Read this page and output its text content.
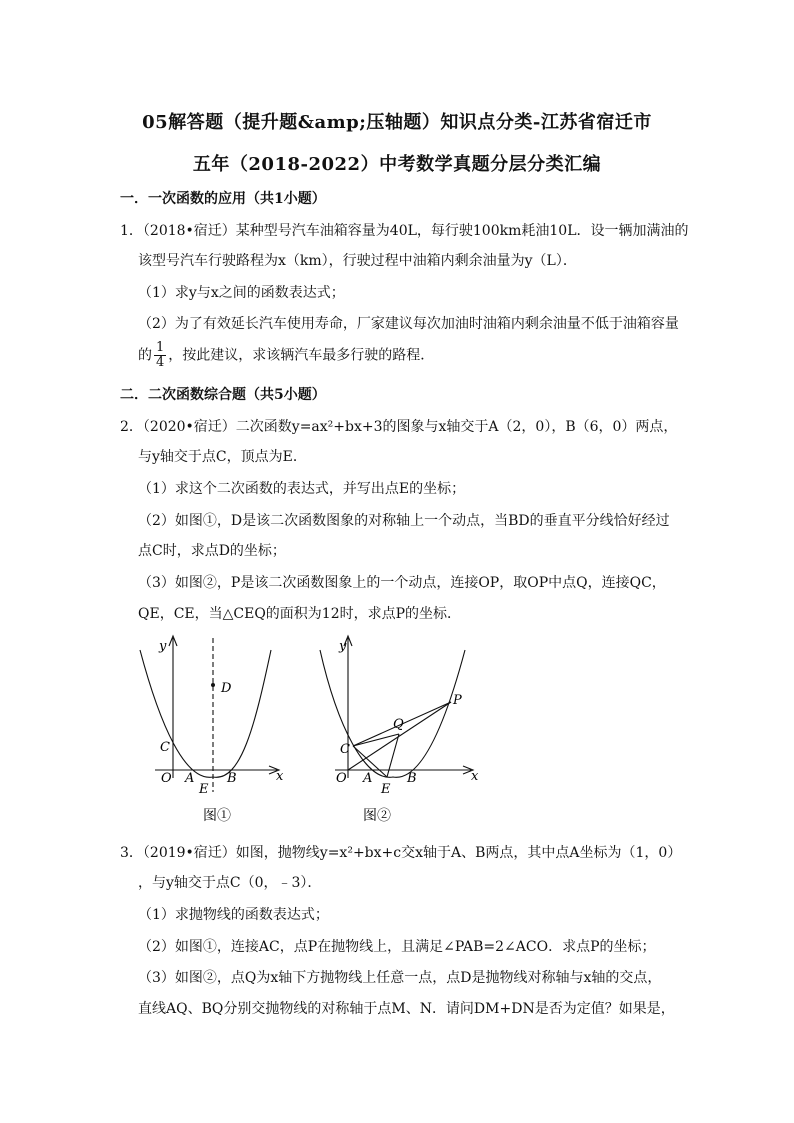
05解答题（提升题&amp;压轴题）知识点分类-江苏省宿迁市
五年（2018-2022）中考数学真题分层分类汇编
一．一次函数的应用（共1小题）
1．（2018•宿迁）某种型号汽车油箱容量为40L，每行驶100km耗油10L．设一辆加满油的
该型号汽车行驶路程为x（km），行驶过程中油箱内剩余油量为y（L）．
（1）求y与x之间的函数表达式；
（2）为了有效延长汽车使用寿命，厂家建议每次加油时油箱内剩余油量不低于油箱容量
的 $\frac{1}{4}$ ，按此建议，求该辆汽车最多行驶的路程．
二．二次函数综合题（共5小题）
2．（2020•宿迁）二次函数y=ax²+bx+3的图象与x轴交于A（2，0），B（6，0）两点，
与y轴交于点C，顶点为E．
（1）求这个二次函数的表达式，并写出点E的坐标；
（2）如图①，D是该二次函数图象的对称轴上一个动点，当BD的垂直平分线恰好经过
点C时，求点D的坐标；
（3）如图②，P是该二次函数图象上的一个动点，连接OP，取OP中点Q，连接QC，
QE，CE，当△CEQ的面积为12时，求点P的坐标．
y
x
O A	B
C
D
E
图①
y
x
O A	B
C
E
P
Q
图②
3．（2019•宿迁）如图，抛物线y=x²+bx+c交x轴于A、B两点，其中点A坐标为（1，0）
，与y轴交于点C（0，﹣3）．
（1）求抛物线的函数表达式；
（2）如图①，连接AC，点P在抛物线上，且满足∠PAB=2∠ACO．求点P的坐标；
（3）如图②，点Q为x轴下方抛物线上任意一点，点D是抛物线对称轴与x轴的交点，
直线AQ、BQ分别交抛物线的对称轴于点M、N．请问DM+DN是否为定值？如果是，
